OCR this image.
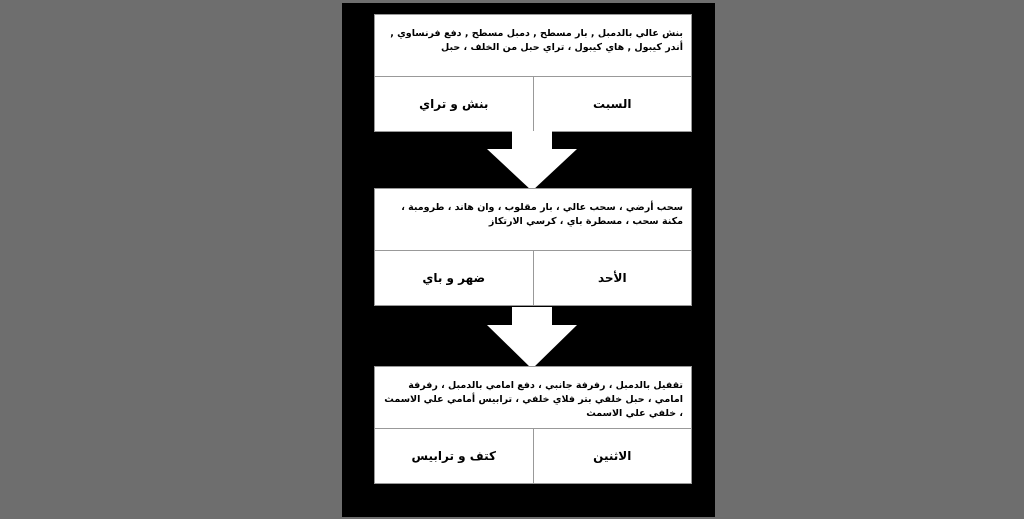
بنش عالي بالدمبل , بار مسطح , دمبل مسطح , دفع فرنساوي , أندر كيبول , هاي كيبول ، تراي حبل من الخلف ، حبل
السبت
بنش و تراي
سحب أرضي ، سحب عالي ، بار مقلوب ، وان هاند ، طرومبة ، مكنة سحب ، مسطرة باي ، كرسي الارتكاز
الأحد
ضهر و باي
تقفيل بالدمبل ، رفرفة جانبي ، دفع امامي بالدمبل ، رفرفة امامي ، حبل خلفي بتر فلاي خلفي ، ترابيس أمامي علي الاسمث ، خلفي علي الاسمث
الاثنين
كتف و ترابيس
